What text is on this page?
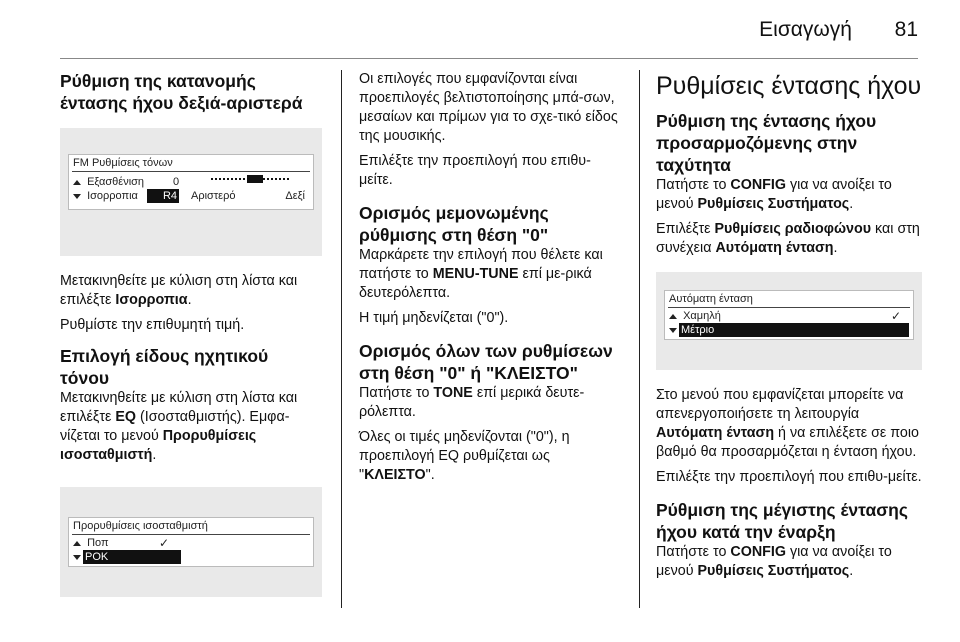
Εισαγωγή 81
Ρύθμιση της κατανομής έντασης ήχου δεξιά-αριστερά
FM Ρυθμίσεις τόνων
Εξασθένιση	0
Ισορροπια	R4 Αριστερό	Δεξί

Μετακινηθείτε με κύλιση στη λίστα και επιλέξτε Ισορροπια.

Ρυθμίστε την επιθυμητή τιμή.

Επιλογή είδους ηχητικού τόνου

Μετακινηθείτε με κύλιση στη λίστα και επιλέξτε EQ (Ισοσταθμιστής). Εμφα-νίζεται το μενού Προρυθμίσεις ισοσταθμιστή.

Προρυθμίσεις ισοσταθμιστή
Ποπ	✓
ΡΟΚ

Οι επιλογές που εμφανίζονται είναι προεπιλογές βελτιστοποίησης μπά-σων, μεσαίων και πρίμων για το σχε-τικό είδος της μουσικής.

Επιλέξτε την προεπιλογή που επιθυ-μείτε.

Ορισμός μεμονωμένης ρύθμισης στη θέση "0"

Μαρκάρετε την επιλογή που θέλετε και πατήστε το MENU-TUNE επί με-ρικά δευτερόλεπτα.

Η τιμή μηδενίζεται ("0").

Ορισμός όλων των ρυθμίσεων στη θέση "0" ή "ΚΛΕΙΣΤΟ"

Πατήστε το TONE επί μερικά δευτε-ρόλεπτα.

Όλες οι τιμές μηδενίζονται ("0"), η προεπιλογή EQ ρυθμίζεται ως "ΚΛΕΙΣΤΟ".

Ρυθμίσεις έντασης ήχου
Ρύθμιση της έντασης ήχου προσαρμοζόμενης στην ταχύτητα

Πατήστε το CONFIG για να ανοίξει το μενού Ρυθμίσεις Συστήματος.

Επιλέξτε Ρυθμίσεις ραδιοφώνου και στη συνέχεια Αυτόματη ένταση.

Αυτόματη ένταση
Χαμηλή	✓
Μέτριο

Στο μενού που εμφανίζεται μπορείτε να απενεργοποιήσετε τη λειτουργία Αυτόματη ένταση ή να επιλέξετε σε ποιο βαθμό θα προσαρμόζεται η ένταση ήχου.

Επιλέξτε την προεπιλογή που επιθυ-μείτε.

Ρύθμιση της μέγιστης έντασης ήχου κατά την έναρξη

Πατήστε το CONFIG για να ανοίξει το μενού Ρυθμίσεις Συστήματος.
